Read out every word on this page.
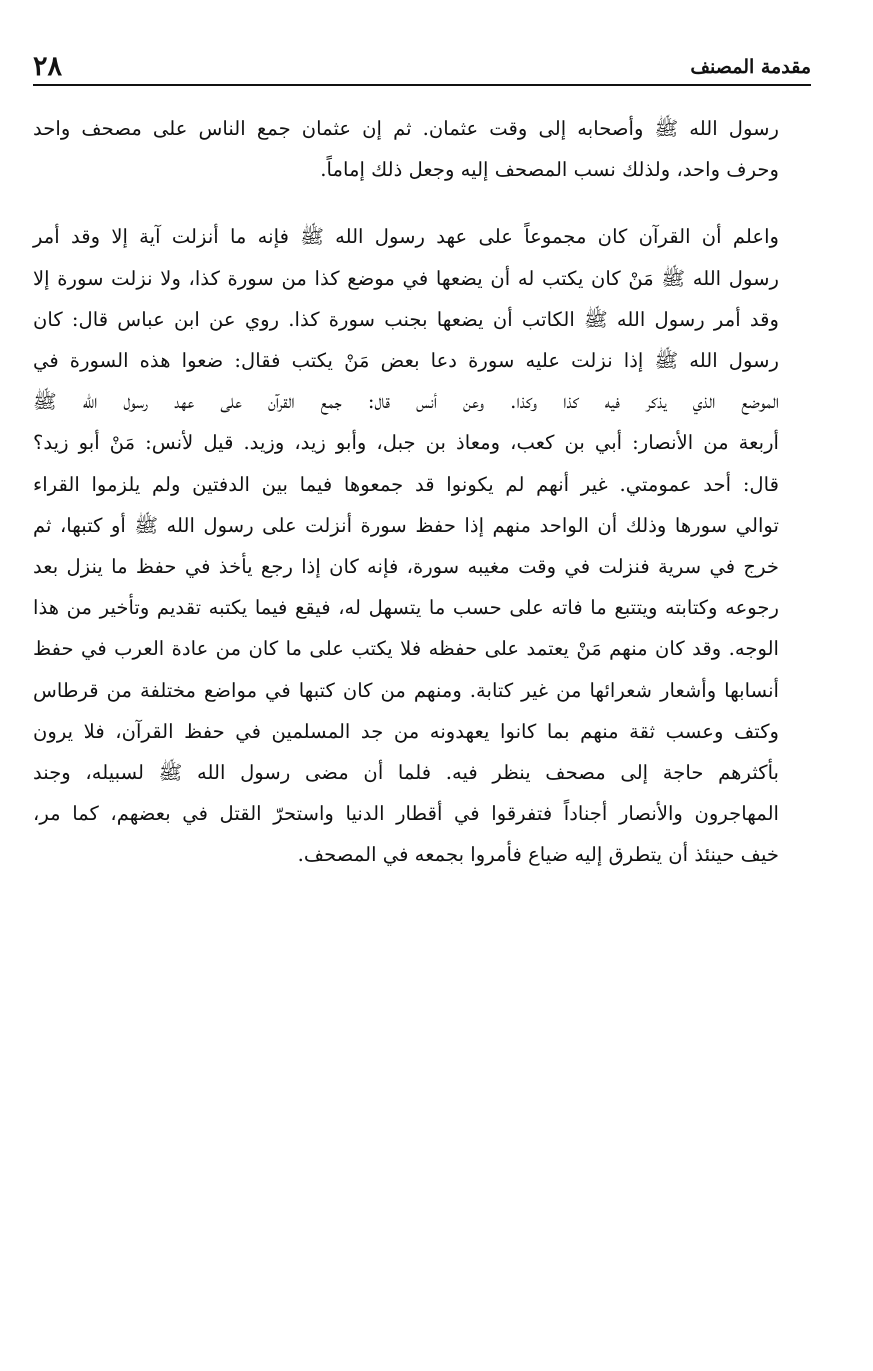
٢٨	مقدمة المصنف

رسول الله ﷺ وأصحابه إلى وقت عثمان. ثم إن عثمان جمع الناس على مصحف واحد
وحرف واحد، ولذلك نسب المصحف إليه وجعل ذلك إماماً.

واعلم أن القرآن كان مجموعاً على عهد رسول الله ﷺ فإنه ما أنزلت آية إلا وقد أمر
رسول الله ﷺ مَنْ كان يكتب له أن يضعها في موضع كذا من سورة كذا، ولا نزلت سورة إلا
وقد أمر رسول الله ﷺ الكاتب أن يضعها بجنب سورة كذا. روي عن ابن عباس قال: كان
رسول الله ﷺ إذا نزلت عليه سورة دعا بعض مَنْ يكتب فقال: ضعوا هذه السورة في
الموضع الذي يذكر فيه كذا وكذا. وعن أنس قال: جمع القرآن على عهد رسول الله ﷺ
أربعة من الأنصار: أبي بن كعب، ومعاذ بن جبل، وأبو زيد، وزيد. قيل لأنس: مَنْ أبو زيد؟
قال: أحد عمومتي. غير أنهم لم يكونوا قد جمعوها فيما بين الدفتين ولم يلزموا القراء
توالي سورها وذلك أن الواحد منهم إذا حفظ سورة أنزلت على رسول الله ﷺ أو كتبها، ثم
خرج في سرية فنزلت في وقت مغيبه سورة، فإنه كان إذا رجع يأخذ في حفظ ما ينزل بعد
رجوعه وكتابته ويتتبع ما فاته على حسب ما يتسهل له، فيقع فيما يكتبه تقديم وتأخير من هذا
الوجه. وقد كان منهم مَنْ يعتمد على حفظه فلا يكتب على ما كان من عادة العرب في حفظ
أنسابها وأشعار شعرائها من غير كتابة. ومنهم من كان كتبها في مواضع مختلفة من قرطاس
وكتف وعسب ثقة منهم بما كانوا يعهدونه من جد المسلمين في حفظ القرآن، فلا يرون
بأكثرهم حاجة إلى مصحف ينظر فيه. فلما أن مضى رسول الله ﷺ لسبيله، وجند
المهاجرون والأنصار أجناداً فتفرقوا في أقطار الدنيا واستحرّ القتل في بعضهم، كما مر،
خيف حينئذ أن يتطرق إليه ضياع فأمروا بجمعه في المصحف.
